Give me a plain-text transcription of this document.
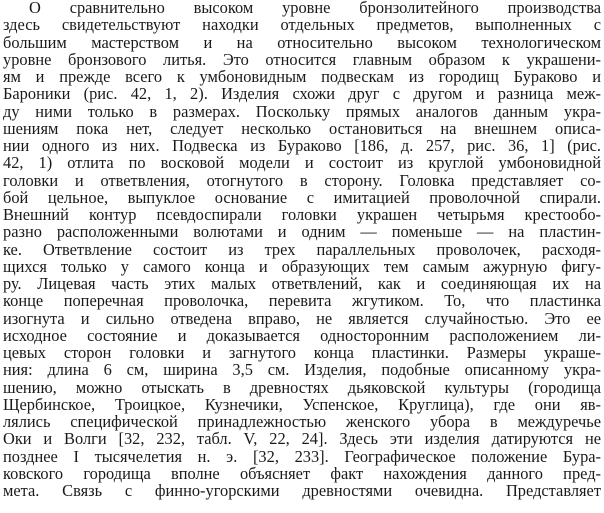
О сравнительно высоком уровне бронзолитейного производства
здесь свидетельствуют находки отдельных предметов, выполненных с
большим мастерством и на относительно высоком технологическом
уровне бронзового литья. Это относится главным образом к украшени-
ям и прежде всего к умбоновидным подвескам из городищ Бураково и
Бароники (рис. 42, 1, 2). Изделия схожи друг с другом и разница меж-
ду ними только в размерах. Поскольку прямых аналогов данным укра-
шениям пока нет, следует несколько остановиться на внешнем описа-
нии одного из них. Подвеска из Бураково [186, д. 257, рис. 36, 1] (рис.
42, 1) отлита по восковой модели и состоит из круглой умбоновидной
головки и ответвления, отогнутого в сторону. Головка представляет со-
бой цельное, выпуклое основание с имитацией проволочной спирали.
Внешний контур псевдоспирали головки украшен четырьмя крестообо-
разно расположенными волютами и одним — поменьше — на пластин-
ке. Ответвление состоит из трех параллельных проволочек, расходя-
щихся только у самого конца и образующих тем самым ажурную фигу-
ру. Лицевая часть этих малых ответвлений, как и соединяющая их на
конце поперечная проволочка, перевита жгутиком. То, что пластинка
изогнута и сильно отведена вправо, не является случайностью. Это ее
исходное состояние и доказывается односторонним расположением ли-
цевых сторон головки и загнутого конца пластинки. Размеры украше-
ния: длина 6 см, ширина 3,5 см. Изделия, подобные описанному укра-
шению, можно отыскать в древностях дьяковской культуры (городища
Щербинское, Троицкое, Кузнечики, Успенское, Круглица), где они яв-
лялись специфической принадлежностью женского убора в междуречье
Оки и Волги [32, 232, табл. V, 22, 24]. Здесь эти изделия датируются не
позднее I тысячелетия н. э. [32, 233]. Географическое положение Бура-
ковского городища вполне объясняет факт нахождения данного пред-
мета. Связь с финно-угорскими древностями очевидна. Представляет
